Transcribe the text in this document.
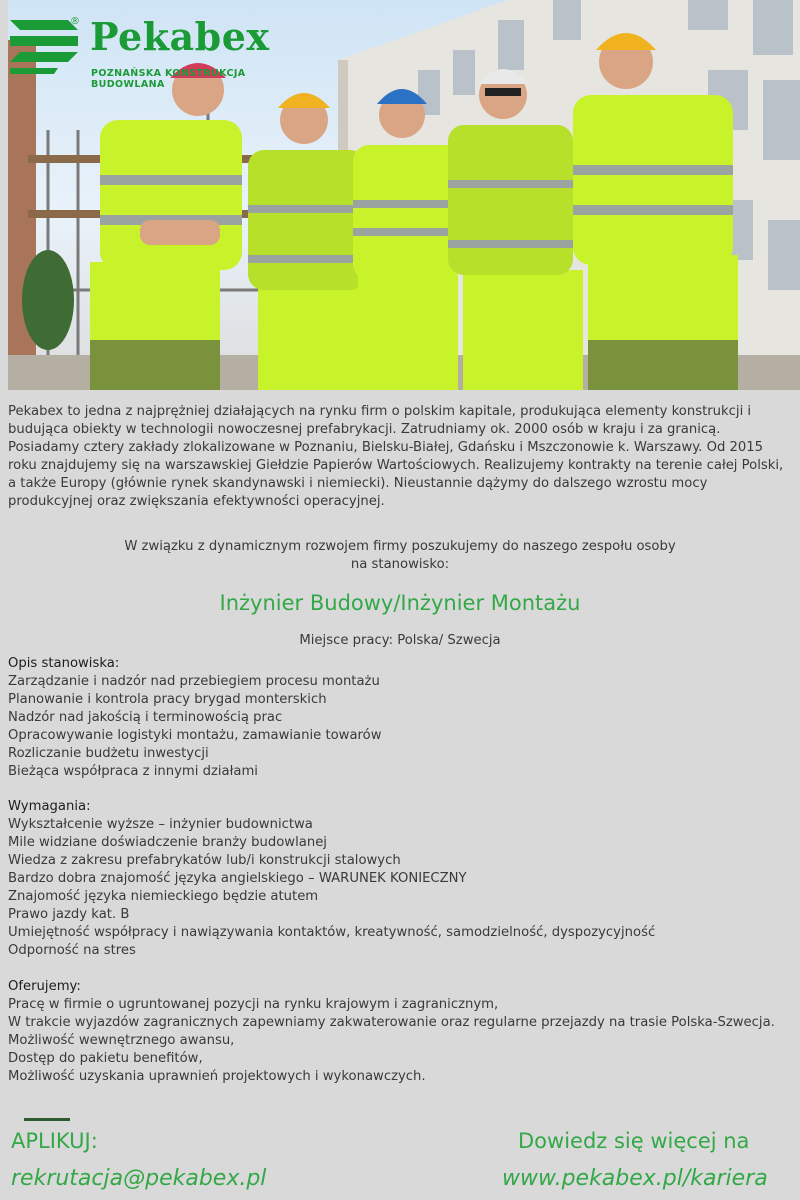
® Pekabex
POZNAŃSKA KONSTRUKCJA BUDOWLANA

Pekabex to jedna z najprężniej działających na rynku firm o polskim kapitale, produkująca elementy konstrukcji i budująca obiekty w technologii nowoczesnej prefabrykacji. Zatrudniamy ok. 2000 osób w kraju i za granicą. Posiadamy cztery zakłady zlokalizowane w Poznaniu, Bielsku-Białej, Gdańsku i Mszczonowie k. Warszawy. Od 2015 roku znajdujemy się na warszawskiej Giełdzie Papierów Wartościowych. Realizujemy kontrakty na terenie całej Polski, a także Europy (głównie rynek skandynawski i niemiecki). Nieustannie dążymy do dalszego wzrostu mocy produkcyjnej oraz zwiększania efektywności operacyjnej.

W związku z dynamicznym rozwojem firmy poszukujemy do naszego zespołu osoby
na stanowisko:
Inżynier Budowy/Inżynier Montażu
Miejsce pracy: Polska/ Szwecja
Opis stanowiska:
Zarządzanie i nadzór nad przebiegiem procesu montażu
Planowanie i kontrola pracy brygad monterskich
Nadzór nad jakością i terminowością prac
Opracowywanie logistyki montażu, zamawianie towarów
Rozliczanie budżetu inwestycji
Bieżąca współpraca z innymi działami
Wymagania:
Wykształcenie wyższe – inżynier budownictwa
Mile widziane doświadczenie branży budowlanej
Wiedza z zakresu prefabrykatów lub/i konstrukcji stalowych
Bardzo dobra znajomość języka angielskiego – WARUNEK KONIECZNY
Znajomość języka niemieckiego będzie atutem
Prawo jazdy kat. B
Umiejętność współpracy i nawiązywania kontaktów, kreatywność, samodzielność, dyspozycyjność
Odporność na stres
Oferujemy:
Pracę w firmie o ugruntowanej pozycji na rynku krajowym i zagranicznym,
W trakcie wyjazdów zagranicznych zapewniamy zakwaterowanie oraz regularne przejazdy na trasie Polska-Szwecja.
Możliwość wewnętrznego awansu,
Dostęp do pakietu benefitów,
Możliwość uzyskania uprawnień projektowych i wykonawczych.
APLIKUJ:	Dowiedz się więcej na
rekrutacja@pekabex.pl	www.pekabex.pl/kariera
